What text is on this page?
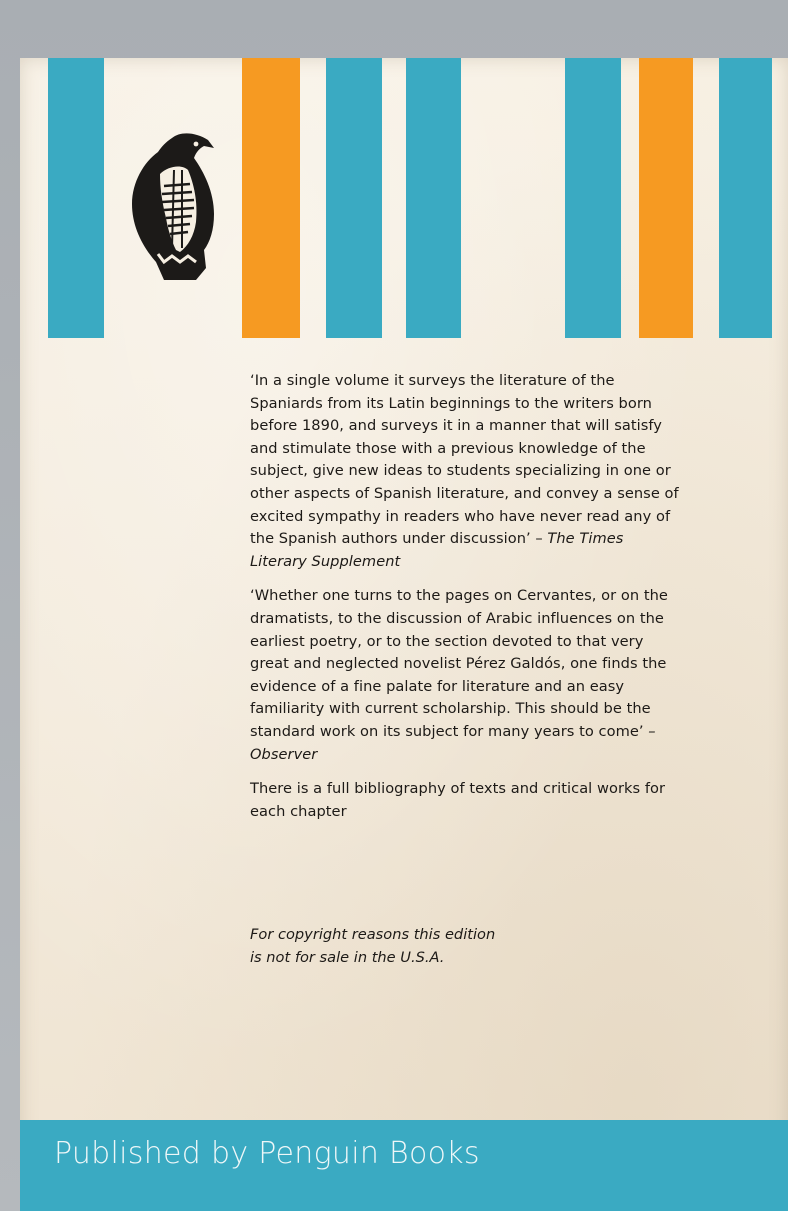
‘In a single volume it surveys the literature of the Spaniards from its Latin beginnings to the writers born before 1890, and surveys it in a manner that will satisfy and stimulate those with a previous knowledge of the subject, give new ideas to students specializing in one or other aspects of Spanish literature, and convey a sense of excited sympathy in readers who have never read any of the Spanish authors under discussion’ – The Times Literary Supplement

‘Whether one turns to the pages on Cervantes, or on the dramatists, to the discussion of Arabic influences on the earliest poetry, or to the section devoted to that very great and neglected novelist Pérez Galdós, one finds the evidence of a fine palate for literature and an easy familiarity with current scholarship. This should be the standard work on its subject for many years to come’ – Observer

There is a full bibliography of texts and critical works for each chapter

For copyright reasons this edition
is not for sale in the U.S.A.
Published by Penguin Books
